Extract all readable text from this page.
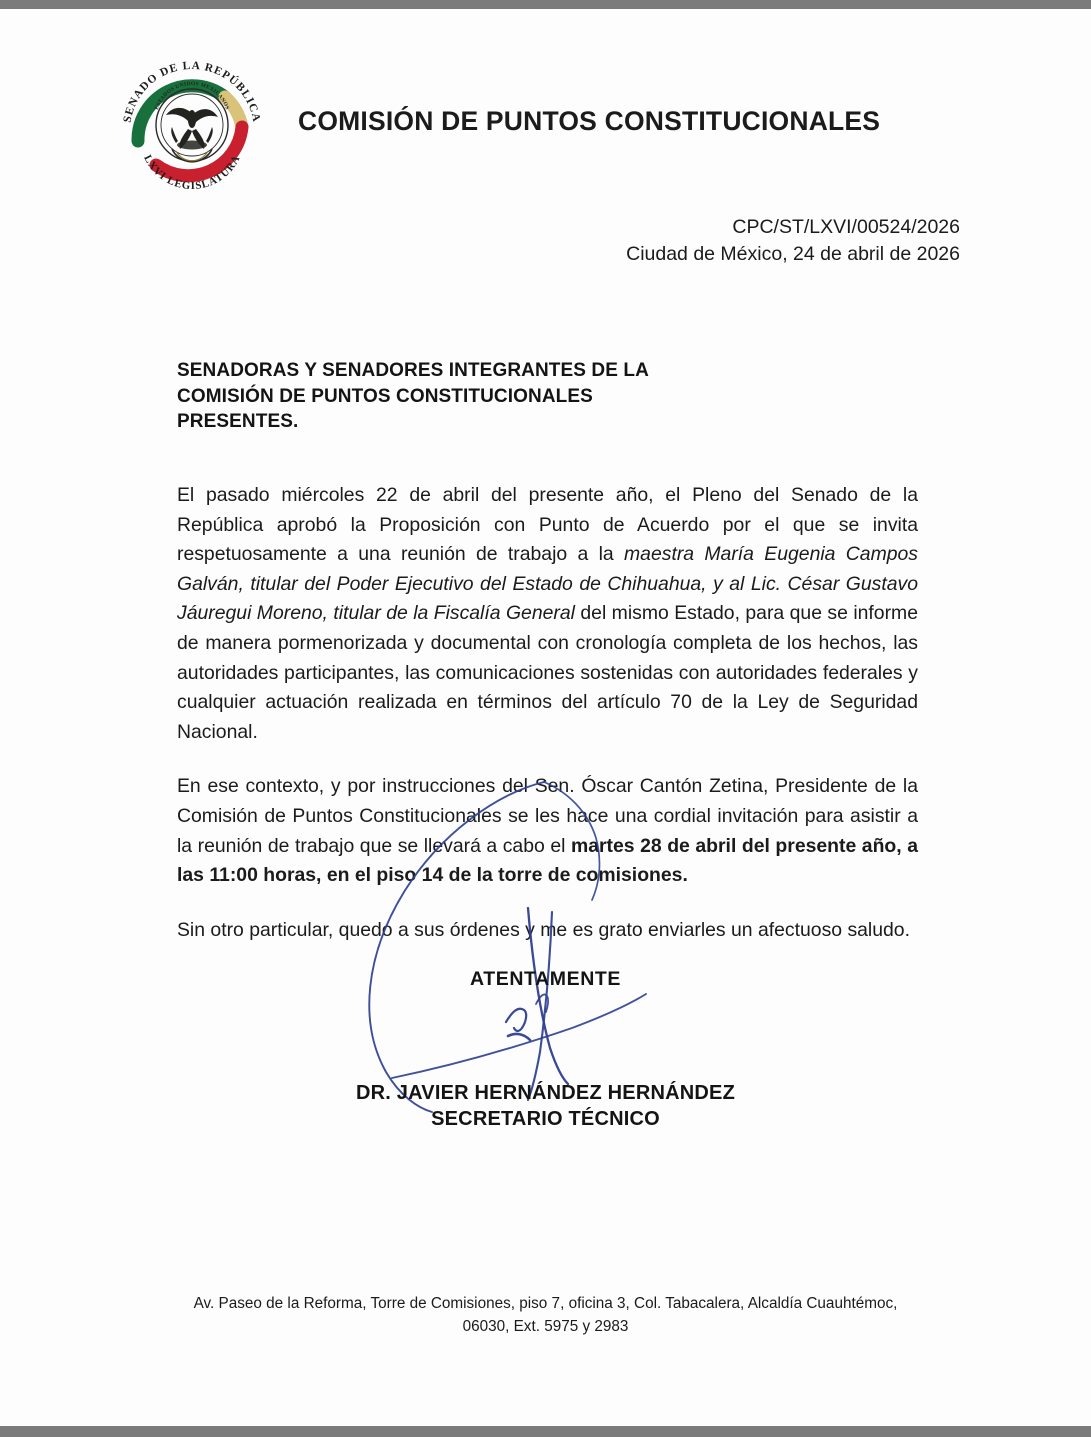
SENADO DE LA REPÚBLICA
LXVI LEGISLATURA
ESTADOS UNIDOS MEXICANOS	COMISIÓN DE PUNTOS CONSTITUCIONALES
CPC/ST/LXVI/00524/2026
Ciudad de México, 24 de abril de 2026
SENADORAS Y SENADORES INTEGRANTES DE LA
COMISIÓN DE PUNTOS CONSTITUCIONALES
PRESENTES.

El pasado miércoles 22 de abril del presente año, el Pleno del Senado de la República aprobó la Proposición con Punto de Acuerdo por el que se invita respetuosamente a una reunión de trabajo a la maestra María Eugenia Campos Galván, titular del Poder Ejecutivo del Estado de Chihuahua, y al Lic. César Gustavo Jáuregui Moreno, titular de la Fiscalía General del mismo Estado, para que se informe de manera pormenorizada y documental con cronología completa de los hechos, las autoridades participantes, las comunicaciones sostenidas con autoridades federales y cualquier actuación realizada en términos del artículo 70 de la Ley de Seguridad Nacional.

En ese contexto, y por instrucciones del Sen. Óscar Cantón Zetina, Presidente de la Comisión de Puntos Constitucionales se les hace una cordial invitación para asistir a la reunión de trabajo que se llevará a cabo el martes 28 de abril del presente año, a las 11:00 horas, en el piso 14 de la torre de comisiones.

Sin otro particular, quedo a sus órdenes y me es grato enviarles un afectuoso saludo.

ATENTAMENTE
DR. JAVIER HERNÁNDEZ HERNÁNDEZ
SECRETARIO TÉCNICO
Av. Paseo de la Reforma, Torre de Comisiones, piso 7, oficina 3, Col. Tabacalera, Alcaldía Cuauhtémoc,
06030, Ext. 5975 y 2983
